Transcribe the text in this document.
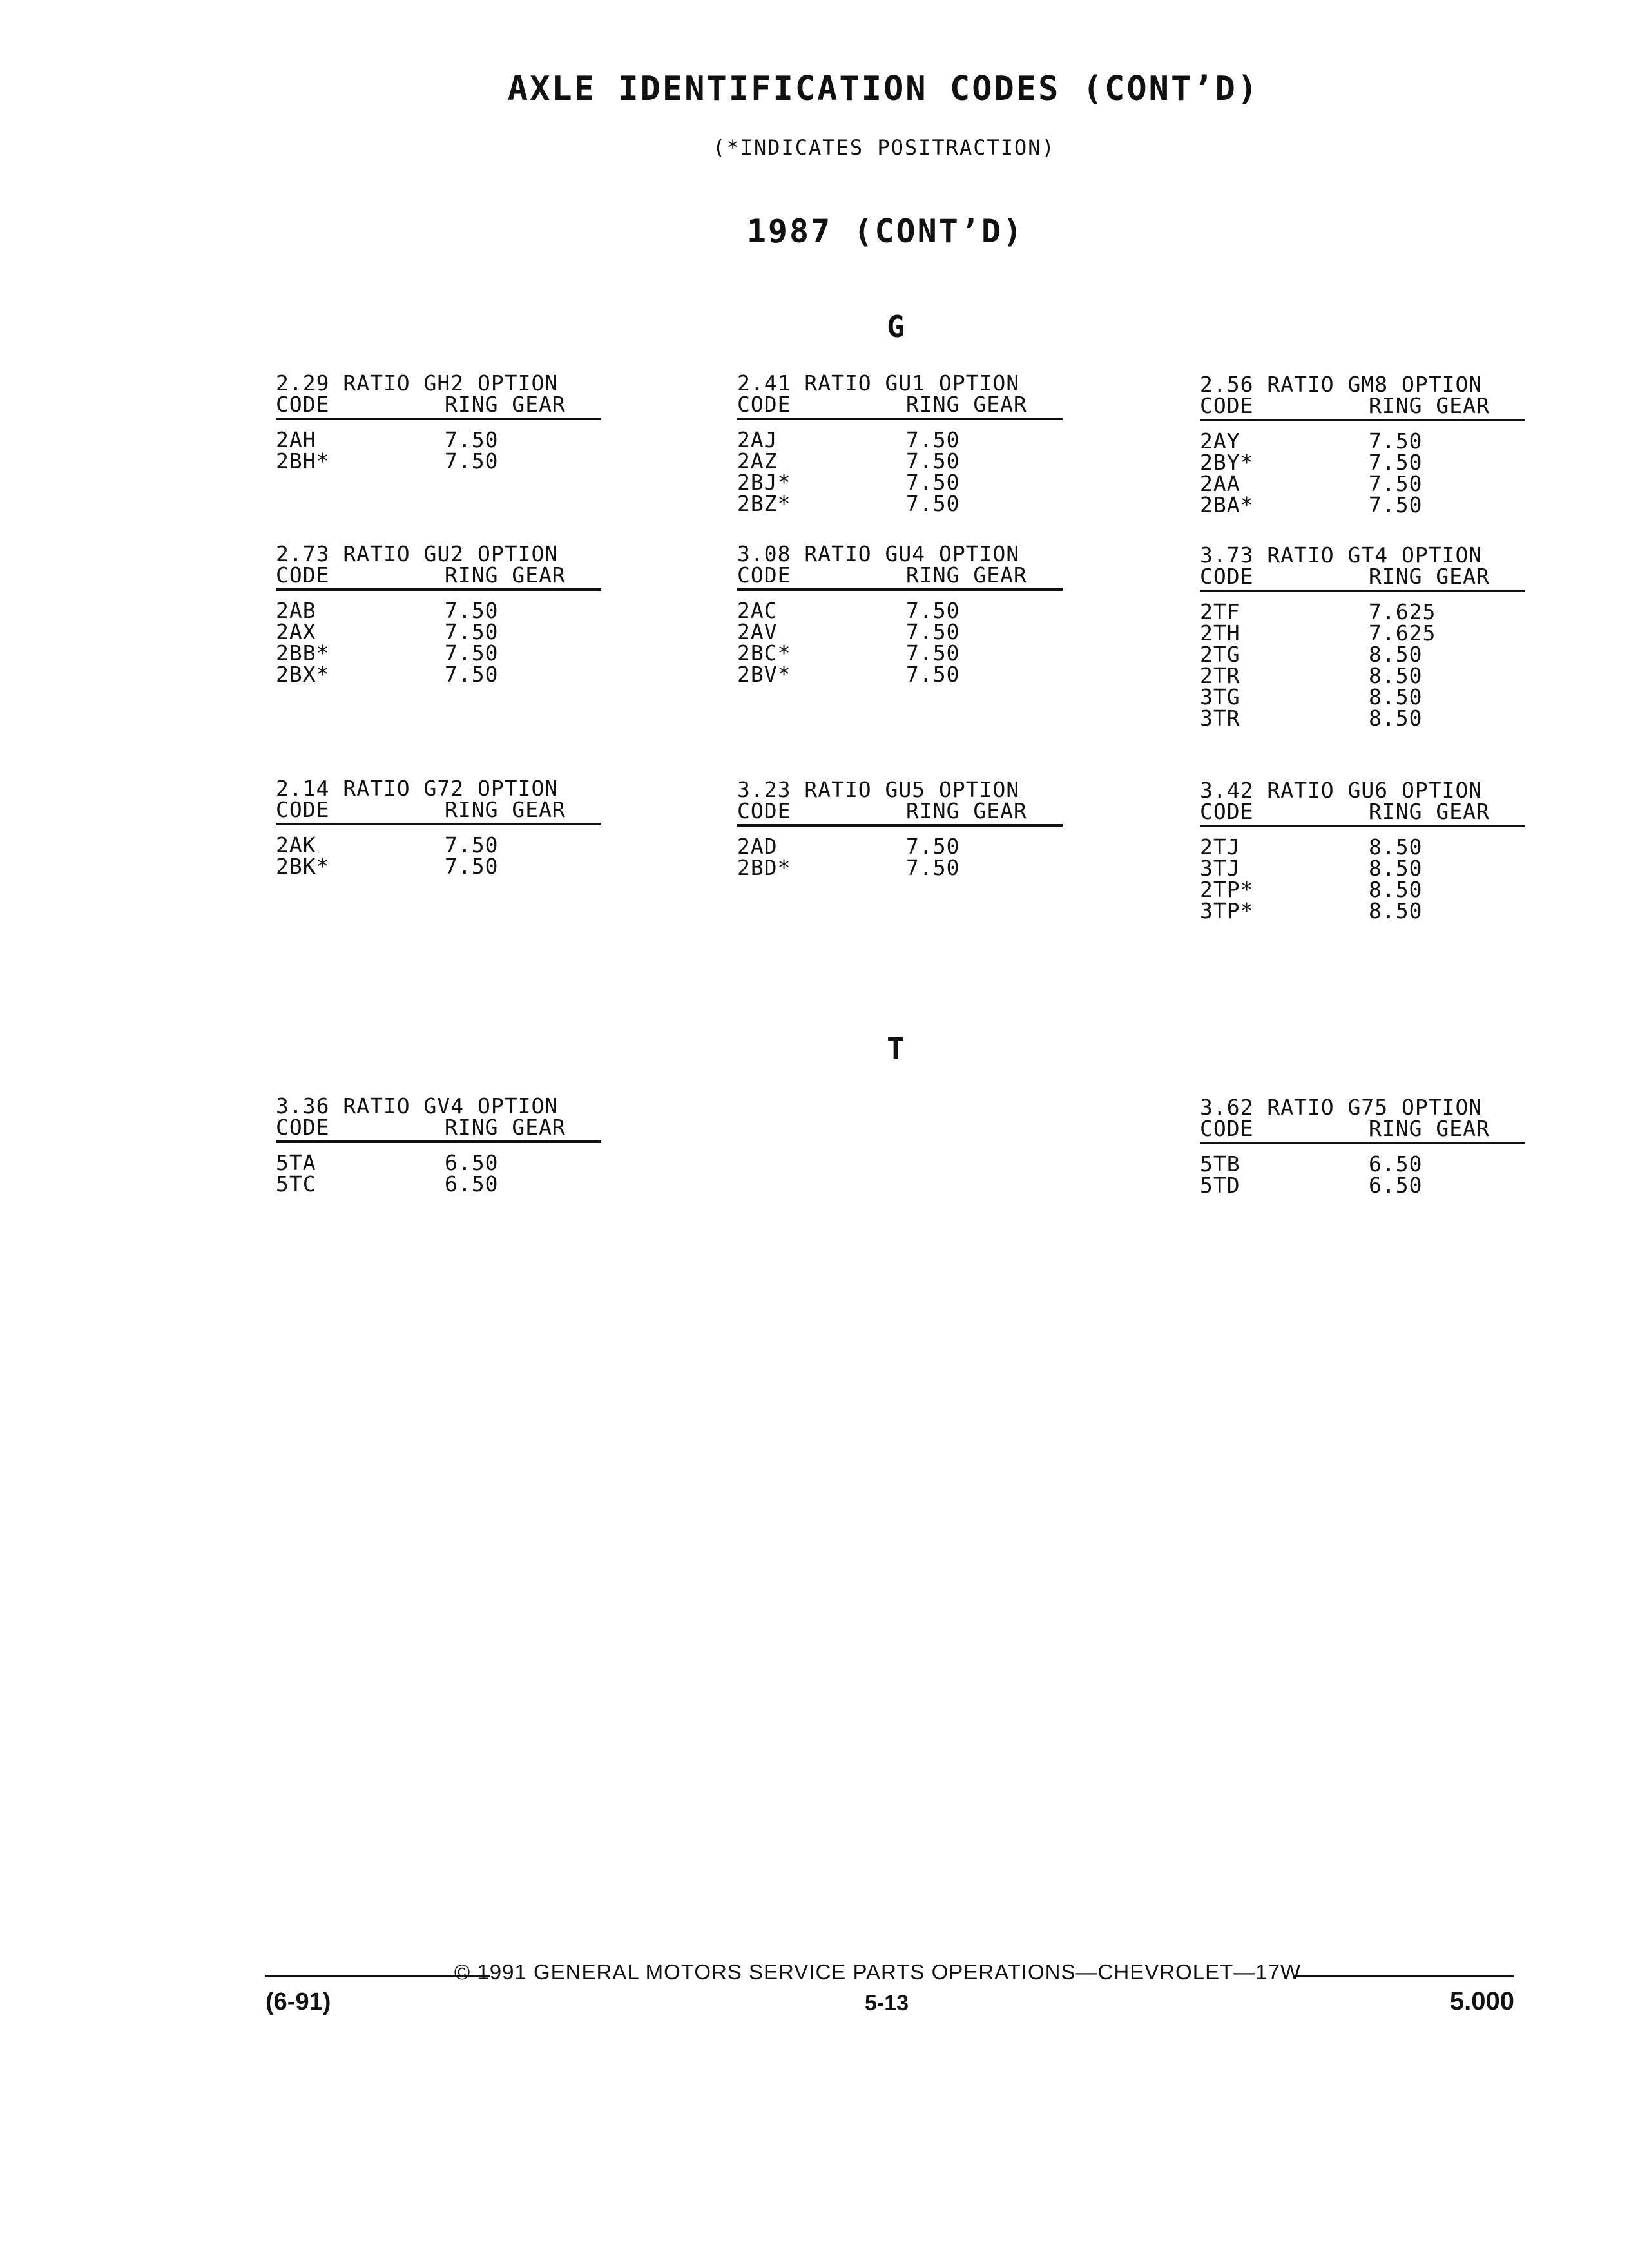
AXLE IDENTIFICATION CODES (CONT’D)
(*INDICATES POSITRACTION)
1987 (CONT’D)
G
T
2.29 RATIO GH2 OPTION
CODE	RING GEAR
2AH	7.50
2BH*	7.50
2.41 RATIO GU1 OPTION
CODE	RING GEAR
2AJ	7.50
2AZ	7.50
2BJ*	7.50
2BZ*	7.50
2.56 RATIO GM8 OPTION
CODE	RING GEAR
2AY	7.50
2BY*	7.50
2AA	7.50
2BA*	7.50
2.73 RATIO GU2 OPTION
CODE	RING GEAR
2AB	7.50
2AX	7.50
2BB*	7.50
2BX*	7.50
3.08 RATIO GU4 OPTION
CODE	RING GEAR
2AC	7.50
2AV	7.50
2BC*	7.50
2BV*	7.50
3.73 RATIO GT4 OPTION
CODE	RING GEAR
2TF	7.625
2TH	7.625
2TG	8.50
2TR	8.50
3TG	8.50
3TR	8.50
2.14 RATIO G72 OPTION
CODE	RING GEAR
2AK	7.50
2BK*	7.50
3.23 RATIO GU5 OPTION
CODE	RING GEAR
2AD	7.50
2BD*	7.50
3.42 RATIO GU6 OPTION
CODE	RING GEAR
2TJ	8.50
3TJ	8.50
2TP*	8.50
3TP*	8.50
3.36 RATIO GV4 OPTION
CODE	RING GEAR
5TA	6.50
5TC	6.50
3.62 RATIO G75 OPTION
CODE	RING GEAR
5TB	6.50
5TD	6.50
© 1991 GENERAL MOTORS SERVICE PARTS OPERATIONS—CHEVROLET—17W
(6-91)	5-13	5.000
